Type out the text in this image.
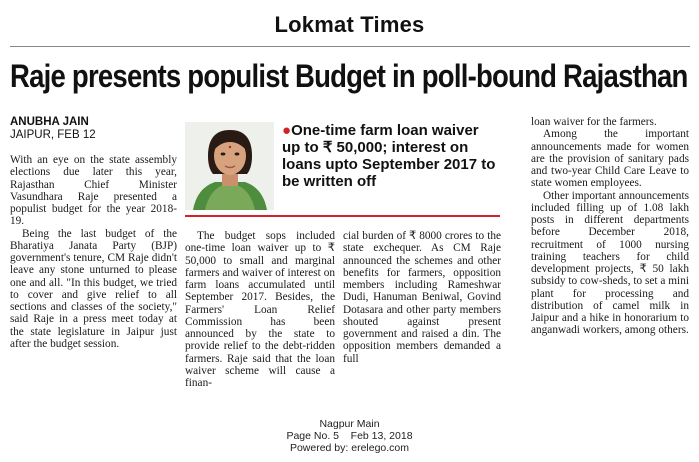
Lokmat Times
Raje presents populist Budget in poll-bound Rajasthan
ANUBHA JAIN
JAIPUR, FEB 12	●One-time farm loan waiver up to ₹ 50,000; interest on loans upto September 2017 to be written off

With an eye on the state assembly elections due later this year, Rajasthan Chief Minister Vasundhara Raje presented a populist budget for the year 2018-19.

Being the last budget of the Bharatiya Janata Party (BJP) government's tenure, CM Raje didn't leave any stone unturned to please one and all. "In this budget, we tried to cover and give relief to all sections and classes of the society," said Raje in a press meet today at the state legislature in Jaipur just after the budget session.

The budget sops included one-time loan waiver up to ₹ 50,000 to small and marginal farmers and waiver of interest on farm loans accumulated until September 2017. Besides, the Farmers' Loan Relief Commission has been announced by the state to provide relief to the debt-ridden farmers. Raje said that the loan waiver scheme will cause a finan-

cial burden of ₹ 8000 crores to the state exchequer. As CM Raje announced the schemes and other benefits for farmers, opposition members including Rameshwar Dudi, Hanuman Beniwal, Govind Dotasara and other party members shouted against present government and raised a din. The opposition members demanded a full

loan waiver for the farmers.

Among the important announcements made for women are the provision of sanitary pads and two-year Child Care Leave to state women employees.

Other important announcements included filling up of 1.08 lakh posts in different departments before December 2018, recruitment of 1000 nursing training teachers for child development projects, ₹ 50 lakh subsidy to cow-sheds, to set a mini plant for processing and distribution of camel milk in Jaipur and a hike in honorarium to anganwadi workers, among others.

Nagpur Main
Page No. 5    Feb 13, 2018
Powered by: erelego.com
